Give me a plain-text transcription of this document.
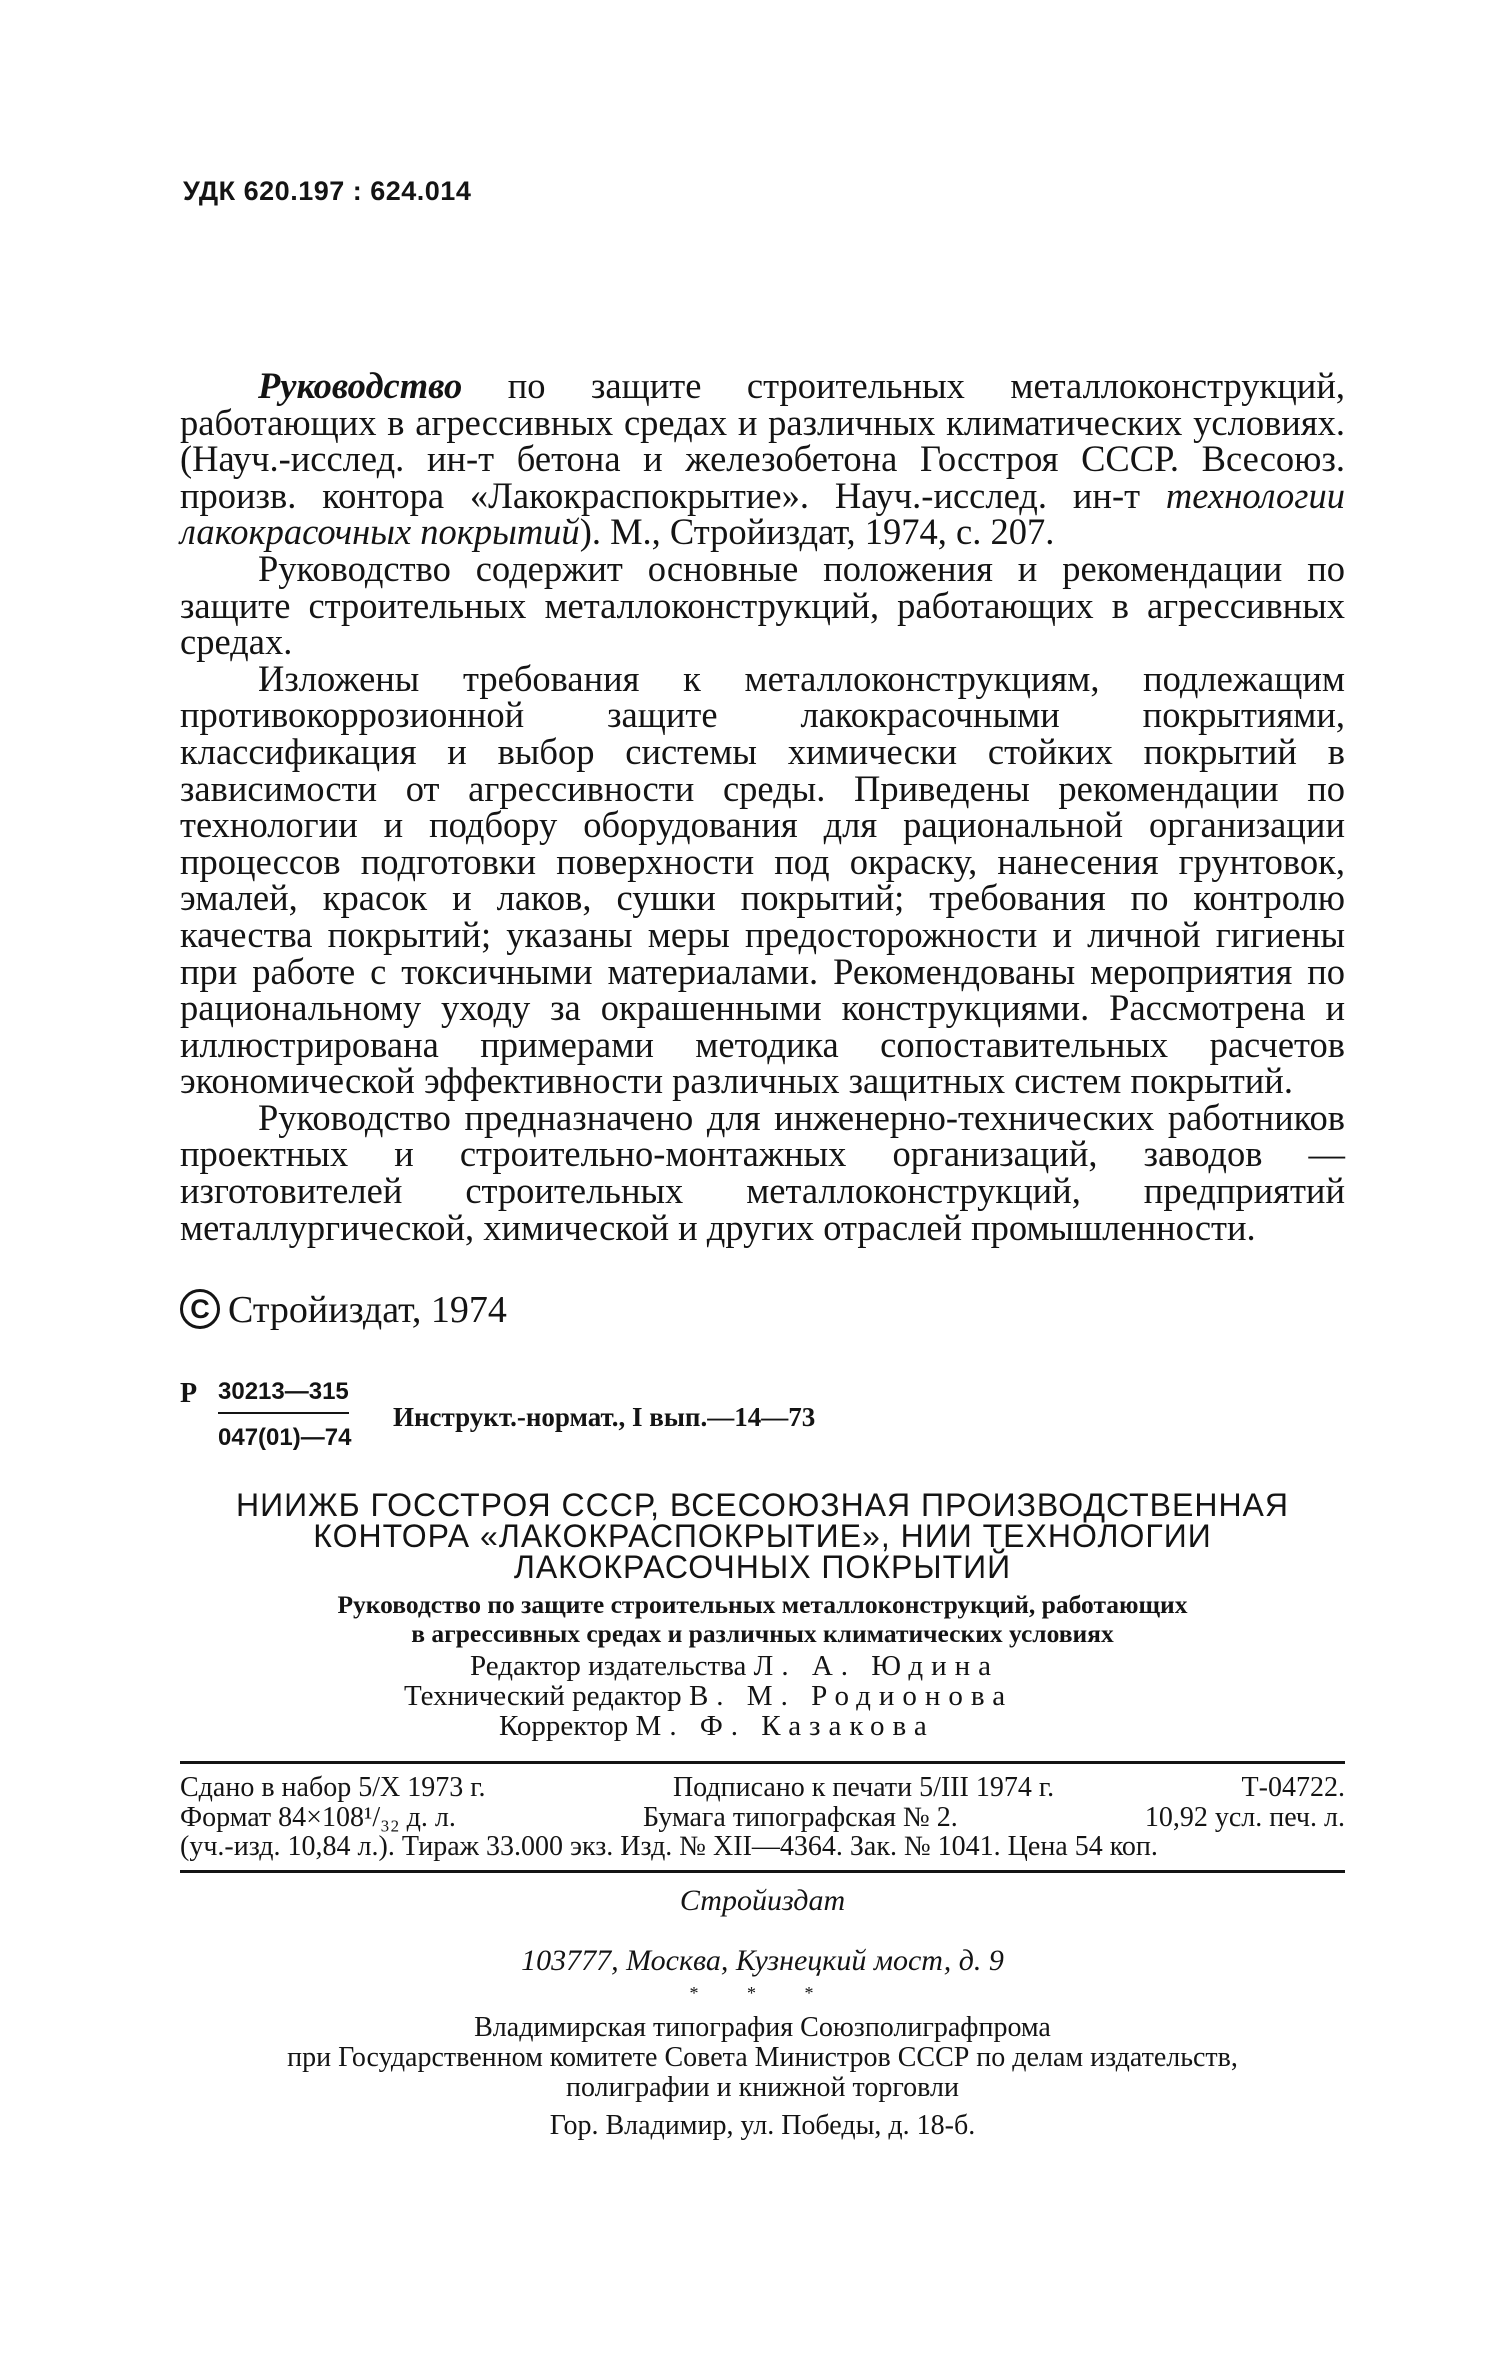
УДК 620.197 : 624.014

Руководство по защите строительных металлоконструкций, работающих в агрессивных средах и различных климатических условиях. (Науч.-исслед. ин-т бетона и железобетона Госстроя СССР. Всесоюз. произв. контора «Лакокраспокрытие». Науч.-исслед. ин-т технологии лакокрасочных покрытий). М., Стройиздат, 1974, с. 207.

Руководство содержит основные положения и рекомендации по защите строительных металлоконструкций, работающих в агрессивных средах.

Изложены требования к металлоконструкциям, подлежащим противокоррозионной защите лакокрасочными покрытиями, классификация и выбор системы химически стойких покрытий в зависимости от агрессивности среды. Приведены рекомендации по технологии и подбору оборудования для рациональной организации процессов подготовки поверхности под окраску, нанесения грунтовок, эмалей, красок и лаков, сушки покрытий; требования по контролю качества покрытий; указаны меры предосторожности и личной гигиены при работе с токсичными материалами. Рекомендованы мероприятия по рациональному уходу за окрашенными конструкциями. Рассмотрена и иллюстрирована примерами методика сопоставительных расчетов экономической эффективности различных защитных систем покрытий.

Руководство предназначено для инженерно-технических работников проектных и строительно-монтажных организаций, заводов — изготовителей строительных металлоконструкций, предприятий металлургической, химической и других отраслей промышленности.

C Стройиздат, 1974
Р 30213—315
047(01)—74
Инструкт.-нормат., I вып.—14—73
НИИЖБ ГОССТРОЯ СССР, ВСЕСОЮЗНАЯ ПРОИЗВОДСТВЕННАЯ
КОНТОРА «ЛАКОКРАСПОКРЫТИЕ», НИИ ТЕХНОЛОГИИ
ЛАКОКРАСОЧНЫХ ПОКРЫТИЙ
Руководство по защите строительных металлоконструкций, работающих
в агрессивных средах и различных климатических условиях
Редактор издательства Л. А. Юдина
Технический редактор В. М. Родионова
Корректор М. Ф. Казакова
Сдано в набор 5/Х 1973 г.	Подписано к печати 5/III 1974 г.	Т-04722.
Формат 84×108¹/₃₂ д. л.	Бумага типографская № 2.	10,92 усл. печ. л.
(уч.-изд. 10,84 л.). Тираж 33.000 экз. Изд. № XII—4364. Зак. № 1041. Цена 54 коп.
Стройиздат
103777, Москва, Кузнецкий мост, д. 9
* * *
Владимирская типография Союзполиграфпрома
при Государственном комитете Совета Министров СССР по делам издательств,
полиграфии и книжной торговли
Гор. Владимир, ул. Победы, д. 18-б.
